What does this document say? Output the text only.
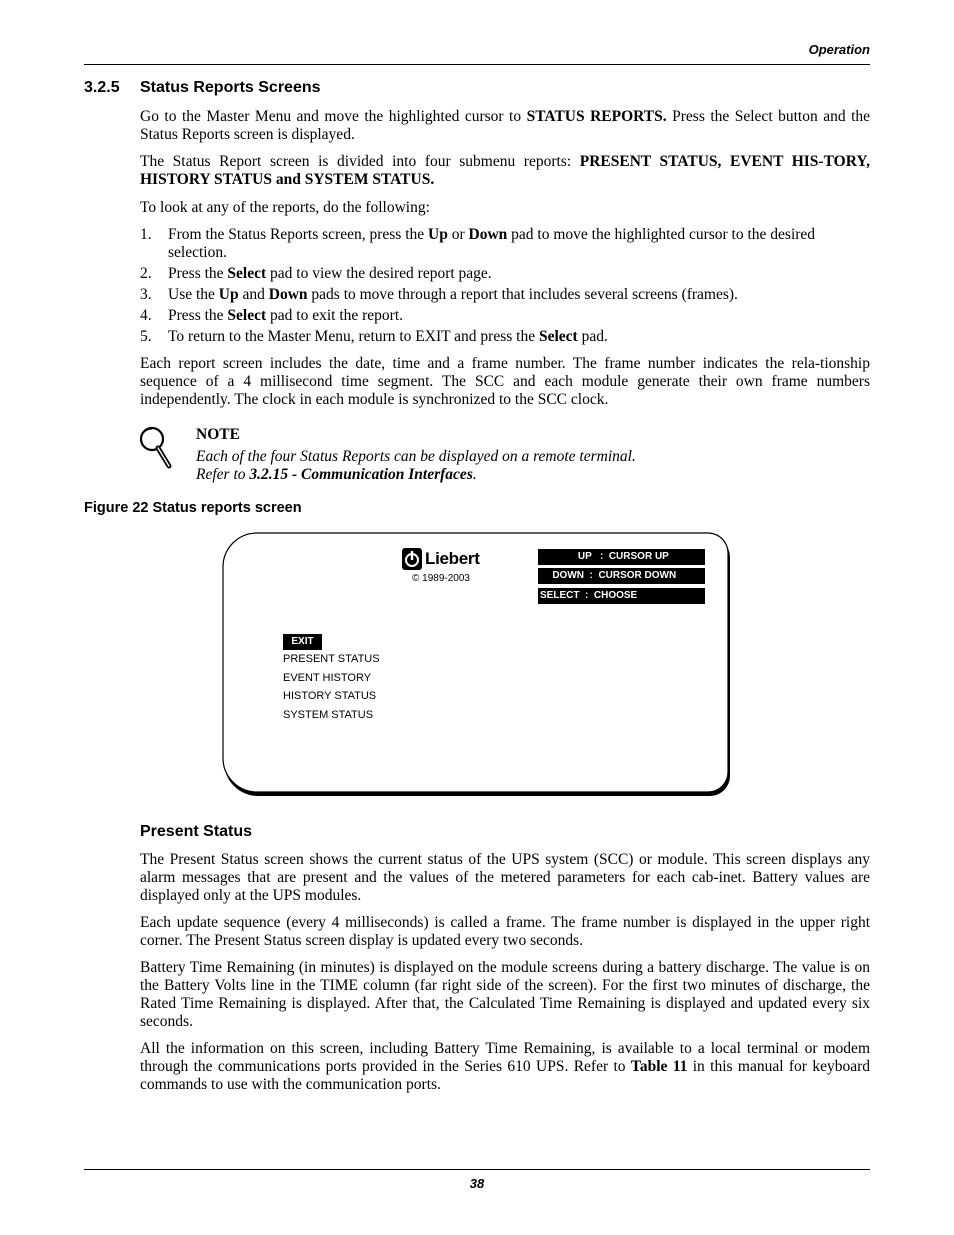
Operation
3.2.5 Status Reports Screens

Go to the Master Menu and move the highlighted cursor to STATUS REPORTS. Press the Select button and the Status Reports screen is displayed.

The Status Report screen is divided into four submenu reports: PRESENT STATUS, EVENT HIS-TORY, HISTORY STATUS and SYSTEM STATUS.

To look at any of the reports, do the following:

1. From the Status Reports screen, press the Up or Down pad to move the highlighted cursor to the desired selection.
2. Press the Select pad to view the desired report page.
3. Use the Up and Down pads to move through a report that includes several screens (frames).
4. Press the Select pad to exit the report.
5. To return to the Master Menu, return to EXIT and press the Select pad.

Each report screen includes the date, time and a frame number. The frame number indicates the rela-tionship sequence of a 4 millisecond time segment. The SCC and each module generate their own frame numbers independently. The clock in each module is synchronized to the SCC clock.

NOTE
Each of the four Status Reports can be displayed on a remote terminal.
Refer to 3.2.15 - Communication Interfaces.
Figure 22 Status reports screen
Liebert
© 1989-2003
UP   :  CURSOR UP
DOWN  :  CURSOR DOWN
SELECT  :  CHOOSE
EXIT
PRESENT STATUS
EVENT HISTORY
HISTORY STATUS
SYSTEM STATUS
Present Status

The Present Status screen shows the current status of the UPS system (SCC) or module. This screen displays any alarm messages that are present and the values of the metered parameters for each cab-inet. Battery values are displayed only at the UPS modules.

Each update sequence (every 4 milliseconds) is called a frame. The frame number is displayed in the upper right corner. The Present Status screen display is updated every two seconds.

Battery Time Remaining (in minutes) is displayed on the module screens during a battery discharge. The value is on the Battery Volts line in the TIME column (far right side of the screen). For the first two minutes of discharge, the Rated Time Remaining is displayed. After that, the Calculated Time Remaining is displayed and updated every six seconds.

All the information on this screen, including Battery Time Remaining, is available to a local terminal or modem through the communications ports provided in the Series 610 UPS. Refer to Table 11 in this manual for keyboard commands to use with the communication ports.

38
